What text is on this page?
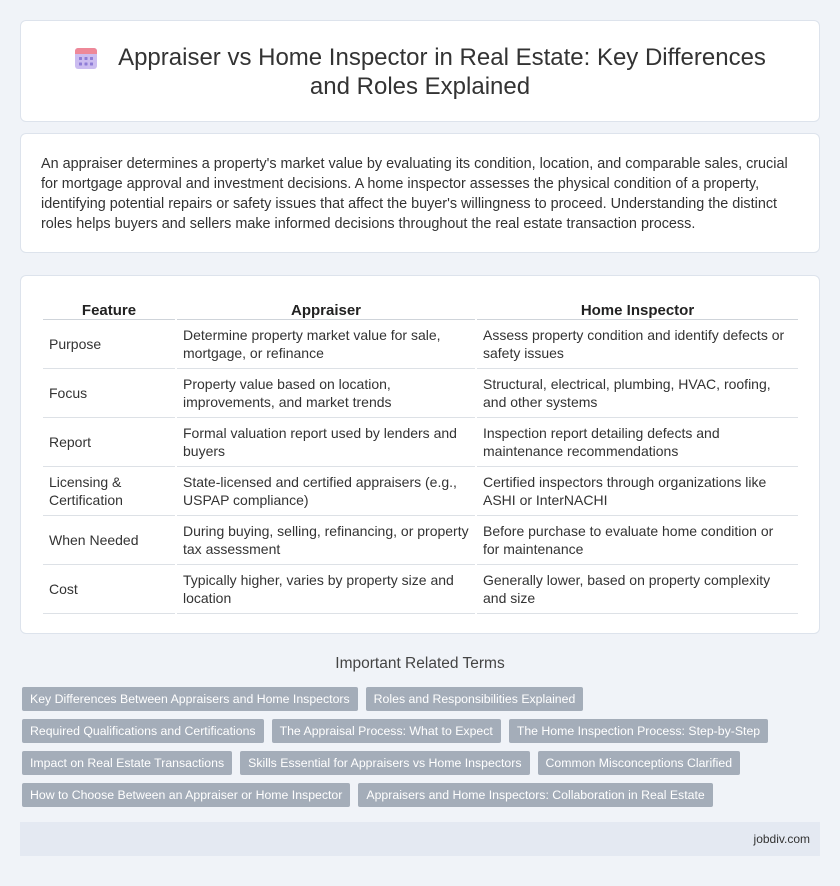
Appraiser vs Home Inspector in Real Estate: Key Differences and Roles Explained

An appraiser determines a property's market value by evaluating its condition, location, and comparable sales, crucial for mortgage approval and investment decisions. A home inspector assesses the physical condition of a property, identifying potential repairs or safety issues that affect the buyer's willingness to proceed. Understanding the distinct roles helps buyers and sellers make informed decisions throughout the real estate transaction process.

Feature	Appraiser	Home Inspector
Purpose	Determine property market value for sale, mortgage, or refinance	Assess property condition and identify defects or safety issues
Focus	Property value based on location, improvements, and market trends	Structural, electrical, plumbing, HVAC, roofing, and other systems
Report	Formal valuation report used by lenders and buyers	Inspection report detailing defects and maintenance recommendations
Licensing & Certification	State-licensed and certified appraisers (e.g., USPAP compliance)	Certified inspectors through organizations like ASHI or InterNACHI
When Needed	During buying, selling, refinancing, or property tax assessment	Before purchase to evaluate home condition or for maintenance
Cost	Typically higher, varies by property size and location	Generally lower, based on property complexity and size
Important Related Terms
Key Differences Between Appraisers and Home Inspectors	Roles and Responsibilities Explained
Required Qualifications and Certifications	The Appraisal Process: What to Expect	The Home Inspection Process: Step-by-Step
Impact on Real Estate Transactions	Skills Essential for Appraisers vs Home Inspectors	Common Misconceptions Clarified
How to Choose Between an Appraiser or Home Inspector	Appraisers and Home Inspectors: Collaboration in Real Estate
jobdiv.com
